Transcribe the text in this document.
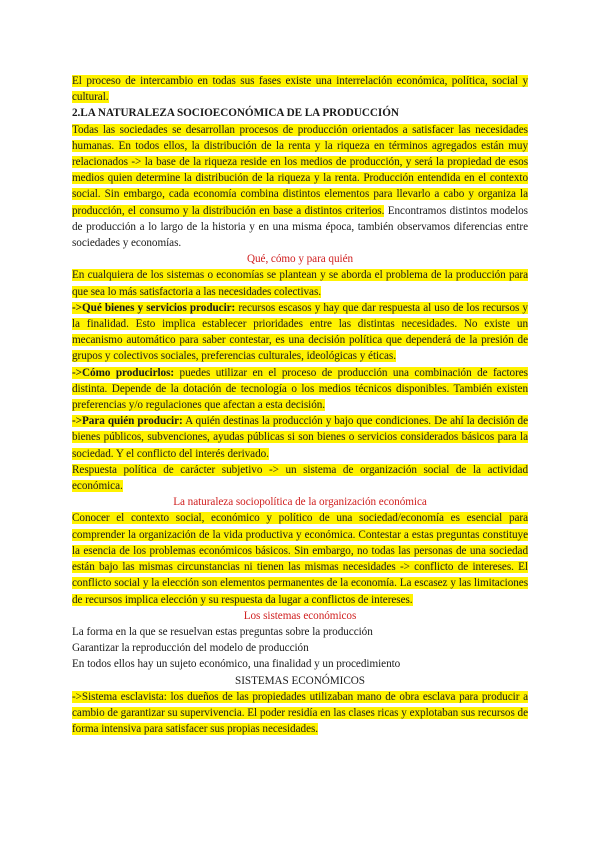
El proceso de intercambio en todas sus fases existe una interrelación económica, política, social y cultural.

2.LA NATURALEZA SOCIOECONÓMICA DE LA PRODUCCIÓN

Todas las sociedades se desarrollan procesos de producción orientados a satisfacer las necesidades humanas. En todos ellos, la distribución de la renta y la riqueza en términos agregados están muy relacionados -> la base de la riqueza reside en los medios de producción, y será la propiedad de esos medios quien determine la distribución de la riqueza y la renta. Producción entendida en el contexto social. Sin embargo, cada economía combina distintos elementos para llevarlo a cabo y organiza la producción, el consumo y la distribución en base a distintos criterios. Encontramos distintos modelos de producción a lo largo de la historia y en una misma época, también observamos diferencias entre sociedades y economías.

Qué, cómo y para quién

En cualquiera de los sistemas o economías se plantean y se aborda el problema de la producción para que sea lo más satisfactoria a las necesidades colectivas.

->Qué bienes y servicios producir: recursos escasos y hay que dar respuesta al uso de los recursos y la finalidad. Esto implica establecer prioridades entre las distintas necesidades. No existe un mecanismo automático para saber contestar, es una decisión política que dependerá de la presión de grupos y colectivos sociales, preferencias culturales, ideológicas y éticas.

->Cómo producirlos: puedes utilizar en el proceso de producción una combinación de factores distinta. Depende de la dotación de tecnología o los medios técnicos disponibles. También existen preferencias y/o regulaciones que afectan a esta decisión.

->Para quién producir: A quién destinas la producción y bajo que condiciones. De ahí la decisión de bienes públicos, subvenciones, ayudas públicas si son bienes o servicios considerados básicos para la sociedad. Y el conflicto del interés derivado.

Respuesta política de carácter subjetivo -> un sistema de organización social de la actividad económica.

La naturaleza sociopolítica de la organización económica

Conocer el contexto social, económico y político de una sociedad/economía es esencial para comprender la organización de la vida productiva y económica. Contestar a estas preguntas constituye la esencia de los problemas económicos básicos. Sin embargo, no todas las personas de una sociedad están bajo las mismas circunstancias ni tienen las mismas necesidades -> conflicto de intereses. El conflicto social y la elección son elementos permanentes de la economía. La escasez y las limitaciones de recursos implica elección y su respuesta da lugar a conflictos de intereses.

Los sistemas económicos

La forma en la que se resuelvan estas preguntas sobre la producción

Garantizar la reproducción del modelo de producción

En todos ellos hay un sujeto económico, una finalidad y un procedimiento

SISTEMAS ECONÓMICOS

->Sistema esclavista: los dueños de las propiedades utilizaban mano de obra esclava para producir a cambio de garantizar su supervivencia. El poder residía en las clases ricas y explotaban sus recursos de forma intensiva para satisfacer sus propias necesidades.
